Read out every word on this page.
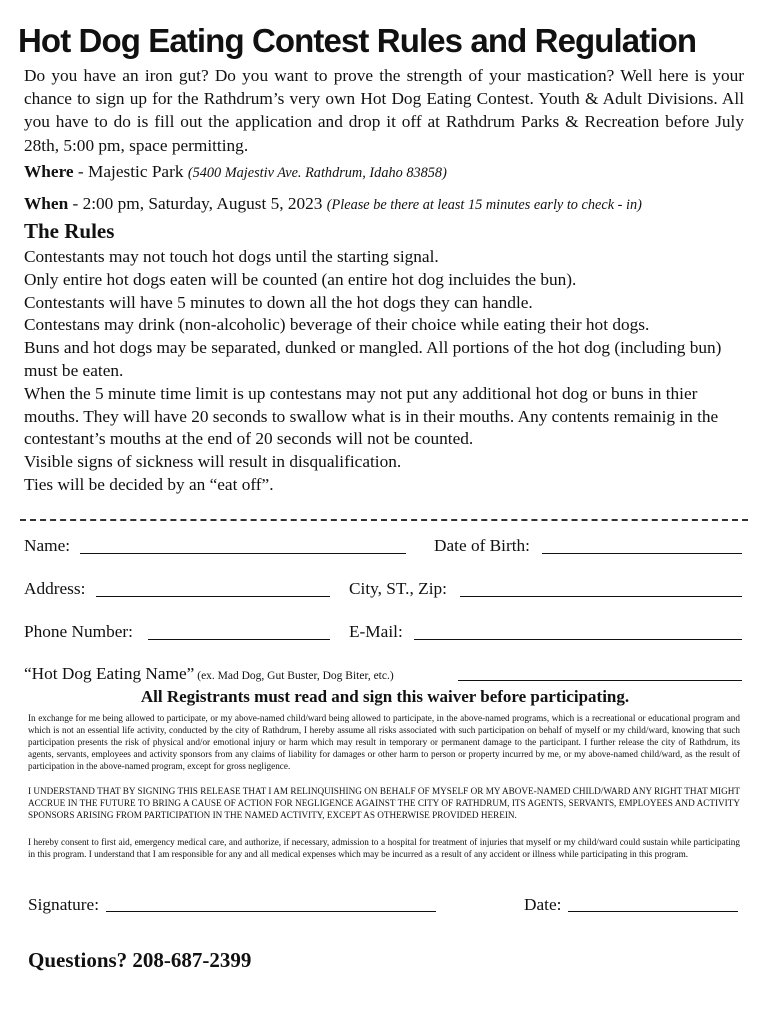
Hot Dog Eating Contest Rules and Regulation
Do you have an iron gut? Do you want to prove the strength of your mastication? Well here is your chance to sign up for the Rathdrum’s very own Hot Dog Eating Contest. Youth & Adult Divisions. All you have to do is fill out the application and drop it off at Rathdrum Parks & Recreation before July 28th, 5:00 pm, space permitting.
Where - Majestic Park (5400 Majestiv Ave. Rathdrum, Idaho 83858)
When - 2:00 pm, Saturday, August 5, 2023 (Please be there at least 15 minutes early to check - in)
The Rules

Contestants may not touch hot dogs until the starting signal.

Only entire hot dogs eaten will be counted (an entire hot dog incluides the bun).

Contestants will have 5 minutes to down all the hot dogs they can handle.

Contestans may drink (non-alcoholic) beverage of their choice while eating their hot dogs.

Buns and hot dogs may be separated, dunked or mangled. All portions of the hot dog (including bun) must be eaten.

When the 5 minute time limit is up contestans may not put any additional hot dog or buns in thier mouths. They will have 20 seconds to swallow what is in their mouths. Any contents remainig in the contestant’s mouths at the end of 20 seconds will not be counted.

Visible signs of sickness will result in disqualification.

Ties will be decided by an “eat off”.

Name:	Date of Birth:
Address:	City, ST., Zip:
Phone Number:	E-Mail:
“Hot Dog Eating Name” (ex. Mad Dog, Gut Buster, Dog Biter, etc.)
All Registrants must read and sign this waiver before participating.
In exchange for me being allowed to participate, or my above-named child/ward being allowed to participate, in the above-named programs, which is a recreational or educational program and which is not an essential life activity, conducted by the city of Rathdrum, I hereby assume all risks associated with such participation on behalf of myself or my child/ward, knowing that such participation presents the risk of physical and/or emotional injury or harm which may result in temporary or permanent damage to the participant. I further release the city of Rathdrum, its agents, servants, employees and activity sponsors from any claims of liability for damages or other harm to person or property incurred by me, or my above-named child/ward, as the result of participation in the above-named program, except for gross negligence.
I UNDERSTAND THAT BY SIGNING THIS RELEASE THAT I AM RELINQUISHING ON BEHALF OF MYSELF OR MY ABOVE-NAMED CHILD/WARD ANY RIGHT THAT MIGHT ACCRUE IN THE FUTURE TO BRING A CAUSE OF ACTION FOR NEGLIGENCE AGAINST THE CITY OF RATHDRUM, ITS AGENTS, SERVANTS, EMPLOYEES AND ACTIVITY SPONSORS ARISING FROM PARTICIPATION IN THE NAMED ACTIVITY, EXCEPT AS OTHERWISE PROVIDED HEREIN.
I hereby consent to first aid, emergency medical care, and authorize, if necessary, admission to a hospital for treatment of injuries that myself or my child/ward could sustain while participating in this program. I understand that I am responsible for any and all medical expenses which may be incurred as a result of any accident or illness while participating in this program.
Signature:	Date:
Questions? 208-687-2399
